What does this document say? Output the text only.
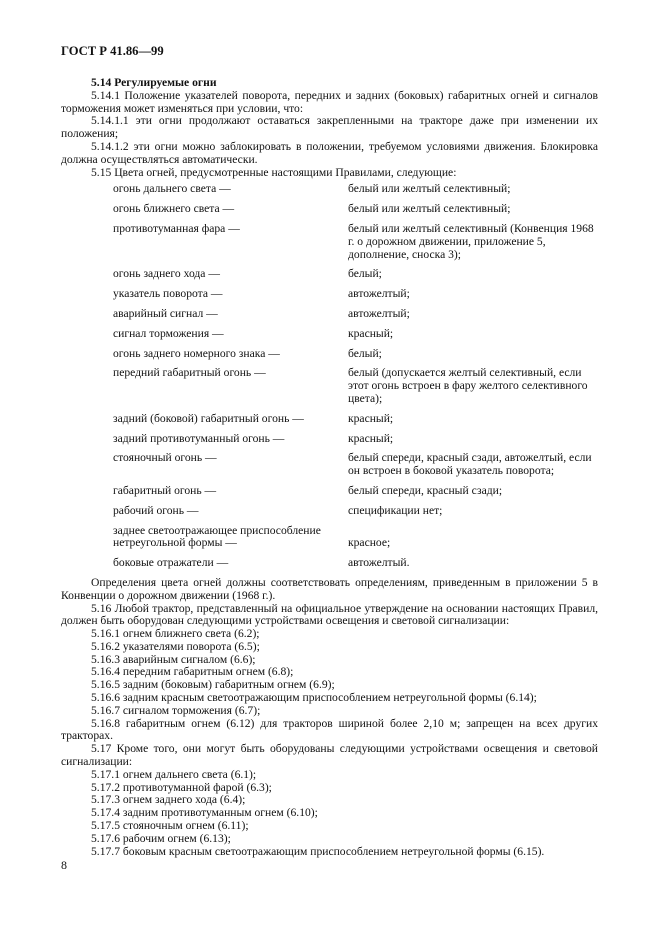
ГОСТ Р 41.86—99

5.14 Регулируемые огни

5.14.1 Положение указателей поворота, передних и задних (боковых) габаритных огней и сигналов торможения может изменяться при условии, что:

5.14.1.1 эти огни продолжают оставаться закрепленными на тракторе даже при изменении их положения;

5.14.1.2 эти огни можно заблокировать в положении, требуемом условиями движения. Блокировка должна осуществляться автоматически.

5.15 Цвета огней, предусмотренные настоящими Правилами, следующие:

огонь дальнего света —	белый или желтый селективный;
огонь ближнего света —	белый или желтый селективный;
противотуманная фара —	белый или желтый селективный (Конвенция 1968 г. о дорожном движении, приложение 5, дополнение, сноска 3);
огонь заднего хода —	белый;
указатель поворота —	автожелтый;
аварийный сигнал —	автожелтый;
сигнал торможения —	красный;
огонь заднего номерного знака —	белый;
передний габаритный огонь —	белый (допускается желтый селективный, если этот огонь встроен в фару желтого селективного цвета);
задний (боковой) габаритный огонь —	красный;
задний противотуманный огонь —	красный;
стояночный огонь —	белый спереди, красный сзади, автожелтый, если он встроен в боковой указатель поворота;
габаритный огонь —	белый спереди, красный сзади;
рабочий огонь —	спецификации нет;
заднее светоотражающее приспособление нетреугольной формы —	красное;
боковые отражатели —	автожелтый.

Определения цвета огней должны соответствовать определениям, приведенным в приложении 5 в Конвенции о дорожном движении (1968 г.).

5.16 Любой трактор, представленный на официальное утверждение на основании настоящих Правил, должен быть оборудован следующими устройствами освещения и световой сигнализации:

5.16.1 огнем ближнего света (6.2);

5.16.2 указателями поворота (6.5);

5.16.3 аварийным сигналом (6.6);

5.16.4 передним габаритным огнем (6.8);

5.16.5 задним (боковым) габаритным огнем (6.9);

5.16.6 задним красным светоотражающим приспособлением нетреугольной формы (6.14);

5.16.7 сигналом торможения (6.7);

5.16.8 габаритным огнем (6.12) для тракторов шириной более 2,10 м; запрещен на всех других тракторах.

5.17 Кроме того, они могут быть оборудованы следующими устройствами освещения и световой сигнализации:

5.17.1 огнем дальнего света (6.1);

5.17.2 противотуманной фарой (6.3);

5.17.3 огнем заднего хода (6.4);

5.17.4 задним противотуманным огнем (6.10);

5.17.5 стояночным огнем (6.11);

5.17.6 рабочим огнем (6.13);

5.17.7 боковым красным светоотражающим приспособлением нетреугольной формы (6.15).

8
